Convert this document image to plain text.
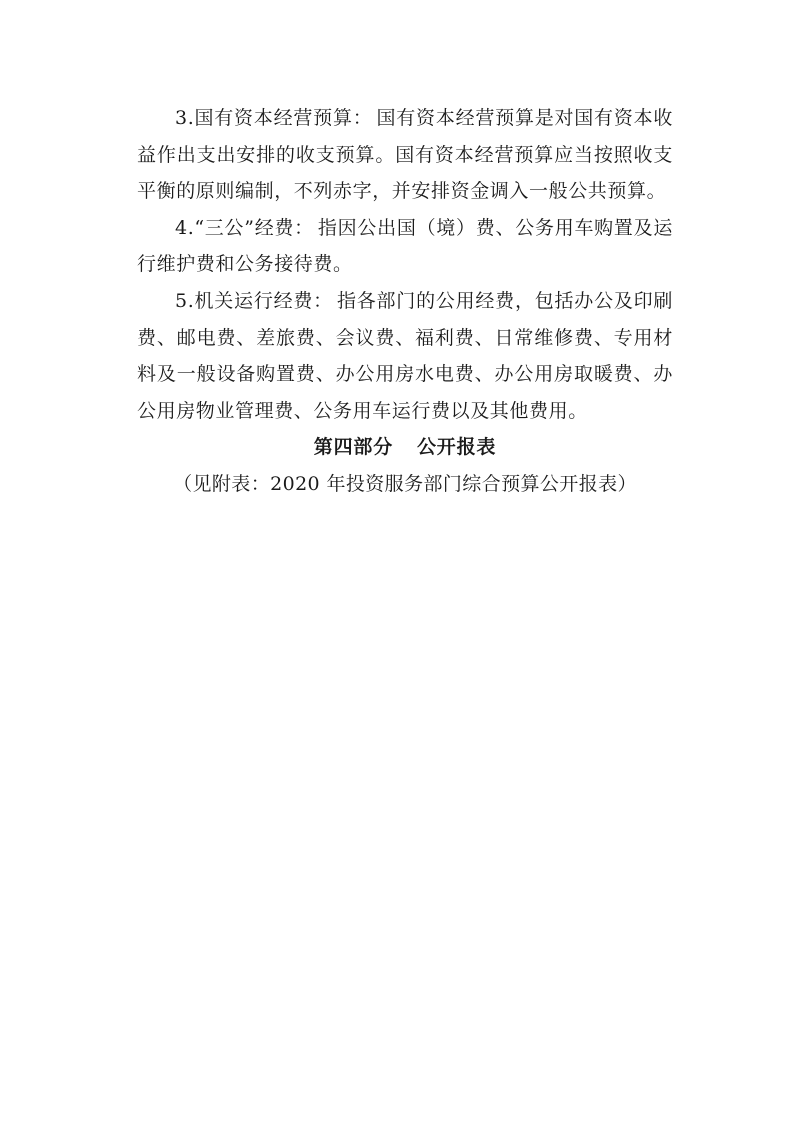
3.国有资本经营预算： 国有资本经营预算是对国有资本收益作出支出安排的收支预算。国有资本经营预算应当按照收支平衡的原则编制，不列赤字，并安排资金调入一般公共预算。

4.“三公”经费： 指因公出国（境）费、公务用车购置及运行维护费和公务接待费。

5.机关运行经费： 指各部门的公用经费，包括办公及印刷费、邮电费、差旅费、会议费、福利费、日常维修费、专用材料及一般设备购置费、办公用房水电费、办公用房取暖费、办公用房物业管理费、公务用车运行费以及其他费用。

第四部分 公开报表

（见附表：2020 年投资服务部门综合预算公开报表）
